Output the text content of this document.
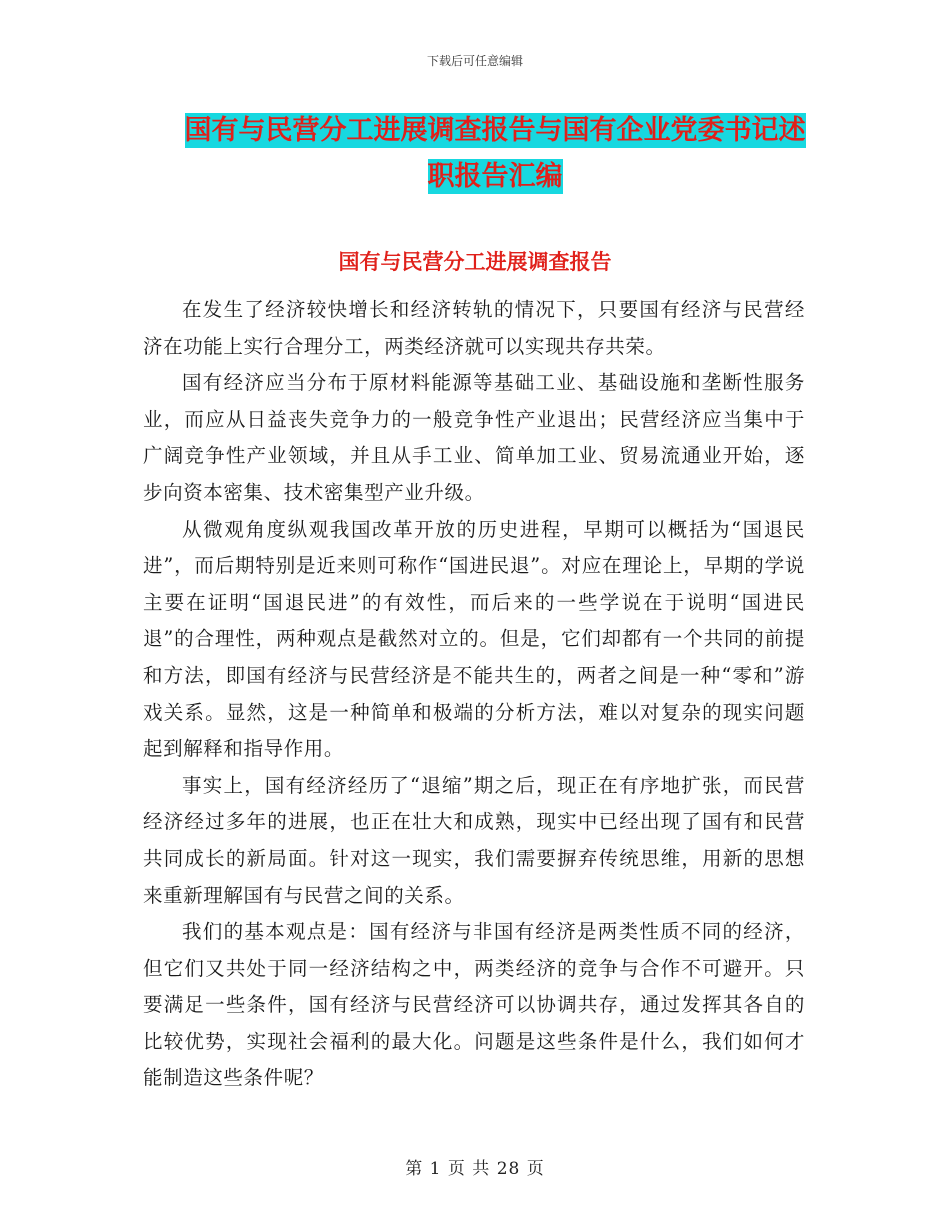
下载后可任意编辑
国有与民营分工进展调查报告与国有企业党委书记述职报告汇编
国有与民营分工进展调查报告

在发生了经济较快增长和经济转轨的情况下，只要国有经济与民营经济在功能上实行合理分工，两类经济就可以实现共存共荣。

国有经济应当分布于原材料能源等基础工业、基础设施和垄断性服务业，而应从日益丧失竞争力的一般竞争性产业退出；民营经济应当集中于广阔竞争性产业领域，并且从手工业、简单加工业、贸易流通业开始，逐步向资本密集、技术密集型产业升级。

从微观角度纵观我国改革开放的历史进程，早期可以概括为“国退民进”，而后期特别是近来则可称作“国进民退”。对应在理论上，早期的学说主要在证明“国退民进”的有效性，而后来的一些学说在于说明“国进民退”的合理性，两种观点是截然对立的。但是，它们却都有一个共同的前提和方法，即国有经济与民营经济是不能共生的，两者之间是一种“零和”游戏关系。显然，这是一种简单和极端的分析方法，难以对复杂的现实问题起到解释和指导作用。

事实上，国有经济经历了“退缩”期之后，现正在有序地扩张，而民营经济经过多年的进展，也正在壮大和成熟，现实中已经出现了国有和民营共同成长的新局面。针对这一现实，我们需要摒弃传统思维，用新的思想来重新理解国有与民营之间的关系。

我们的基本观点是：国有经济与非国有经济是两类性质不同的经济，但它们又共处于同一经济结构之中，两类经济的竞争与合作不可避开。只要满足一些条件，国有经济与民营经济可以协调共存，通过发挥其各自的比较优势，实现社会福利的最大化。问题是这些条件是什么，我们如何才能制造这些条件呢？

第 1 页 共 28 页
